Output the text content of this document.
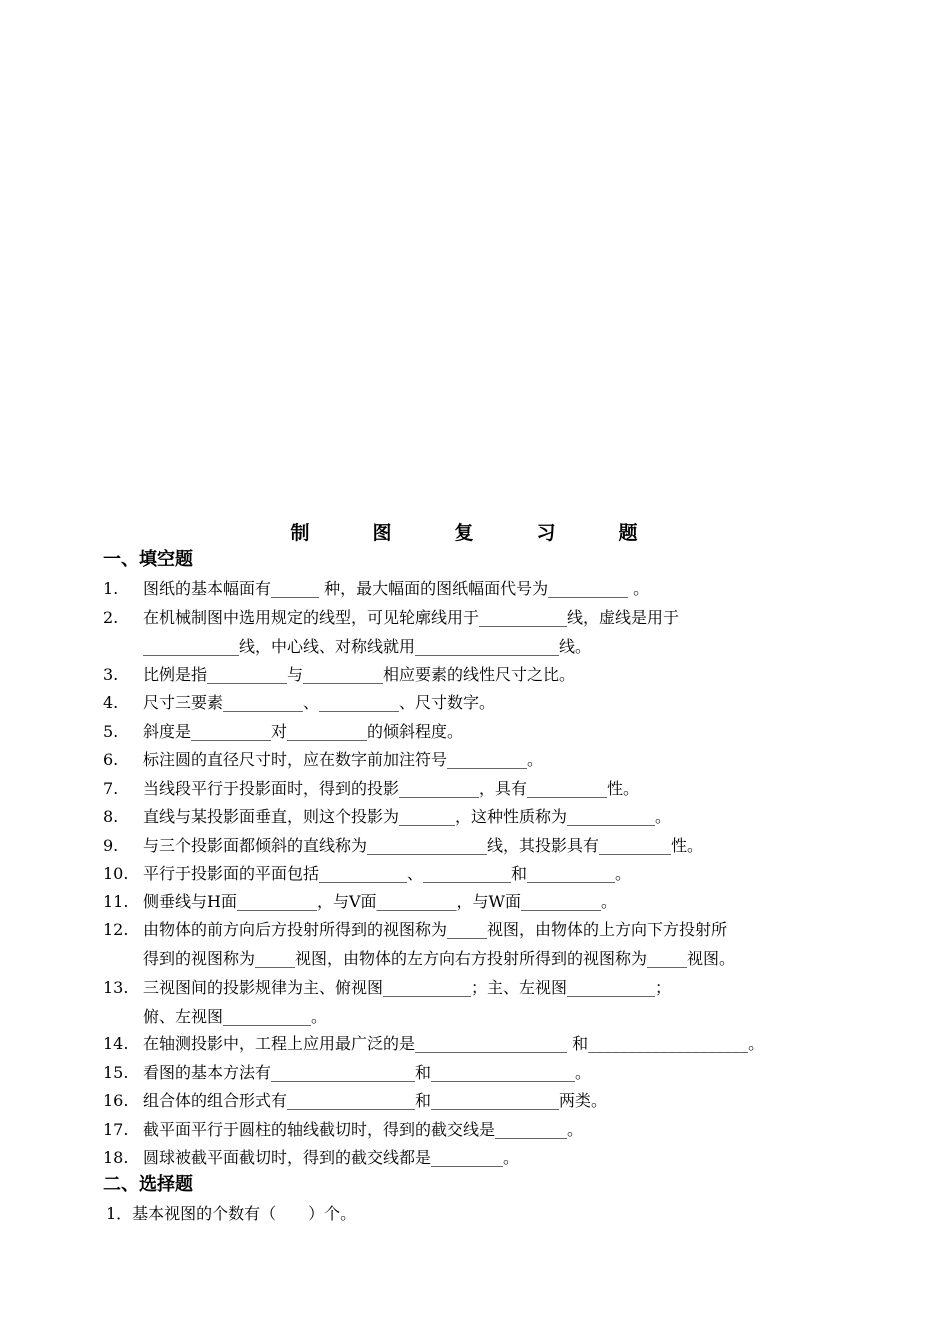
制　图　复　习　题
一、填空题
1.	图纸的基本幅面有______ 种，最大幅面的图纸幅面代号为__________ 。
2.	在机械制图中选用规定的线型，可见轮廓线用于___________线，虚线是用于
____________线，中心线、对称线就用__________________线。
3.	比例是指__________与__________相应要素的线性尺寸之比。
4.	尺寸三要素__________、__________、尺寸数字。
5.	斜度是__________对__________的倾斜程度。
6.	标注圆的直径尺寸时，应在数字前加注符号__________。
7.	当线段平行于投影面时，得到的投影__________，具有__________性。
8.	直线与某投影面垂直，则这个投影为_______，这种性质称为___________。
9.	与三个投影面都倾斜的直线称为_______________线，其投影具有_________性。
10. 平行于投影面的平面包括___________、___________和___________。
11. 侧垂线与H面__________，与V面__________，与W面__________。
12. 由物体的前方向后方投射所得到的视图称为_____视图，由物体的上方向下方投射所
得到的视图称为_____视图，由物体的左方向右方投射所得到的视图称为_____视图。
13. 三视图间的投影规律为主、俯视图___________；主、左视图___________；
俯、左视图___________。
14. 在轴测投影中，工程上应用最广泛的是___________________ 和____________________。
15. 看图的基本方法有__________________和__________________。
16. 组合体的组合形式有________________和________________两类。
17. 截平面平行于圆柱的轴线截切时，得到的截交线是_________。
18. 圆球被截平面截切时，得到的截交线都是_________。
二、选择题
1．基本视图的个数有（　　）个。
